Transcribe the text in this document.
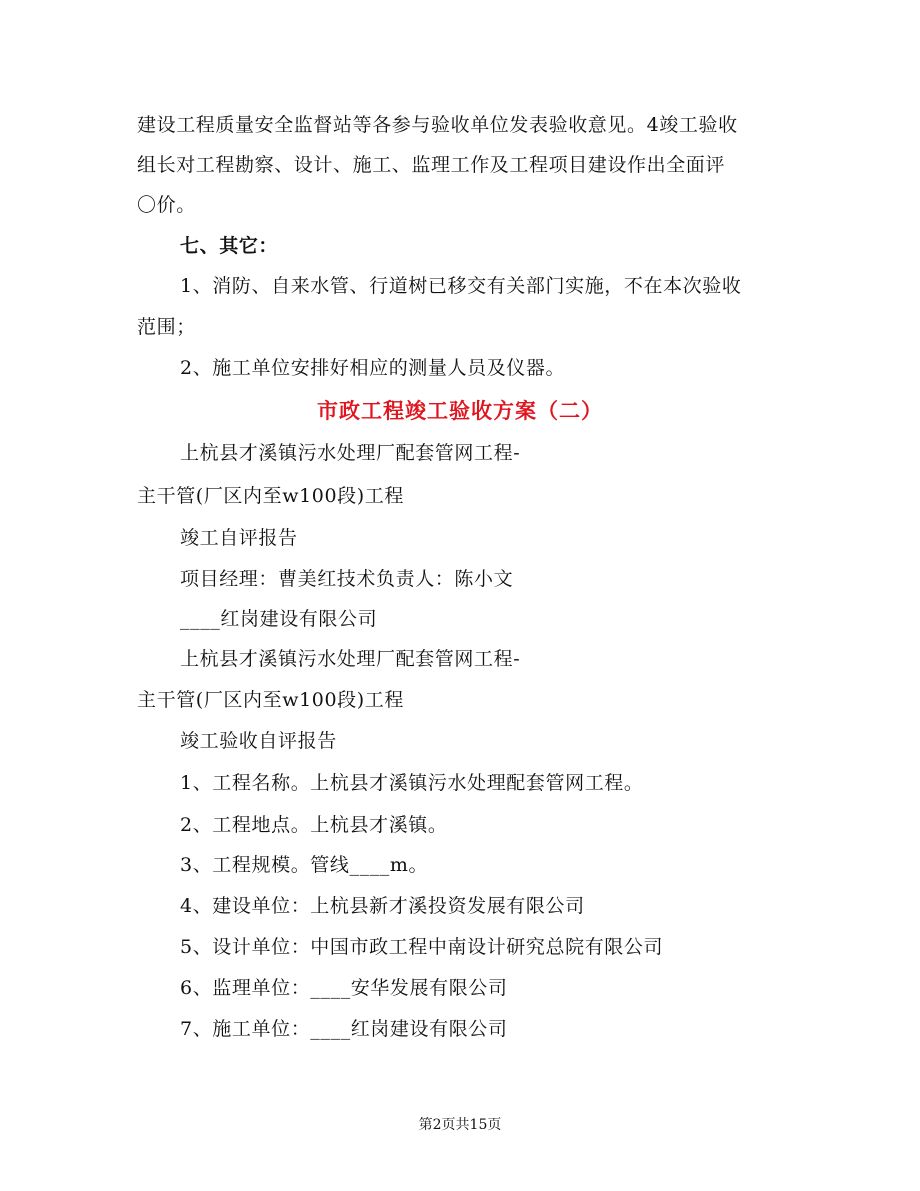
建设工程质量安全监督站等各参与验收单位发表验收意见。4竣工验收
组长对工程勘察、设计、施工、监理工作及工程项目建设作出全面评
〇价。
七、其它：
1、消防、自来水管、行道树已移交有关部门实施，不在本次验收
范围；
2、施工单位安排好相应的测量人员及仪器。
市政工程竣工验收方案（二）
上杭县才溪镇污水处理厂配套管网工程-
主干管(厂区内至w100段)工程
竣工自评报告
项目经理：曹美红技术负责人：陈小文
____红岗建设有限公司
上杭县才溪镇污水处理厂配套管网工程-
主干管(厂区内至w100段)工程
竣工验收自评报告
1、工程名称。上杭县才溪镇污水处理配套管网工程。
2、工程地点。上杭县才溪镇。
3、工程规模。管线____m。
4、建设单位：上杭县新才溪投资发展有限公司
5、设计单位：中国市政工程中南设计研究总院有限公司
6、监理单位：____安华发展有限公司
7、施工单位：____红岗建设有限公司
第2页共15页
